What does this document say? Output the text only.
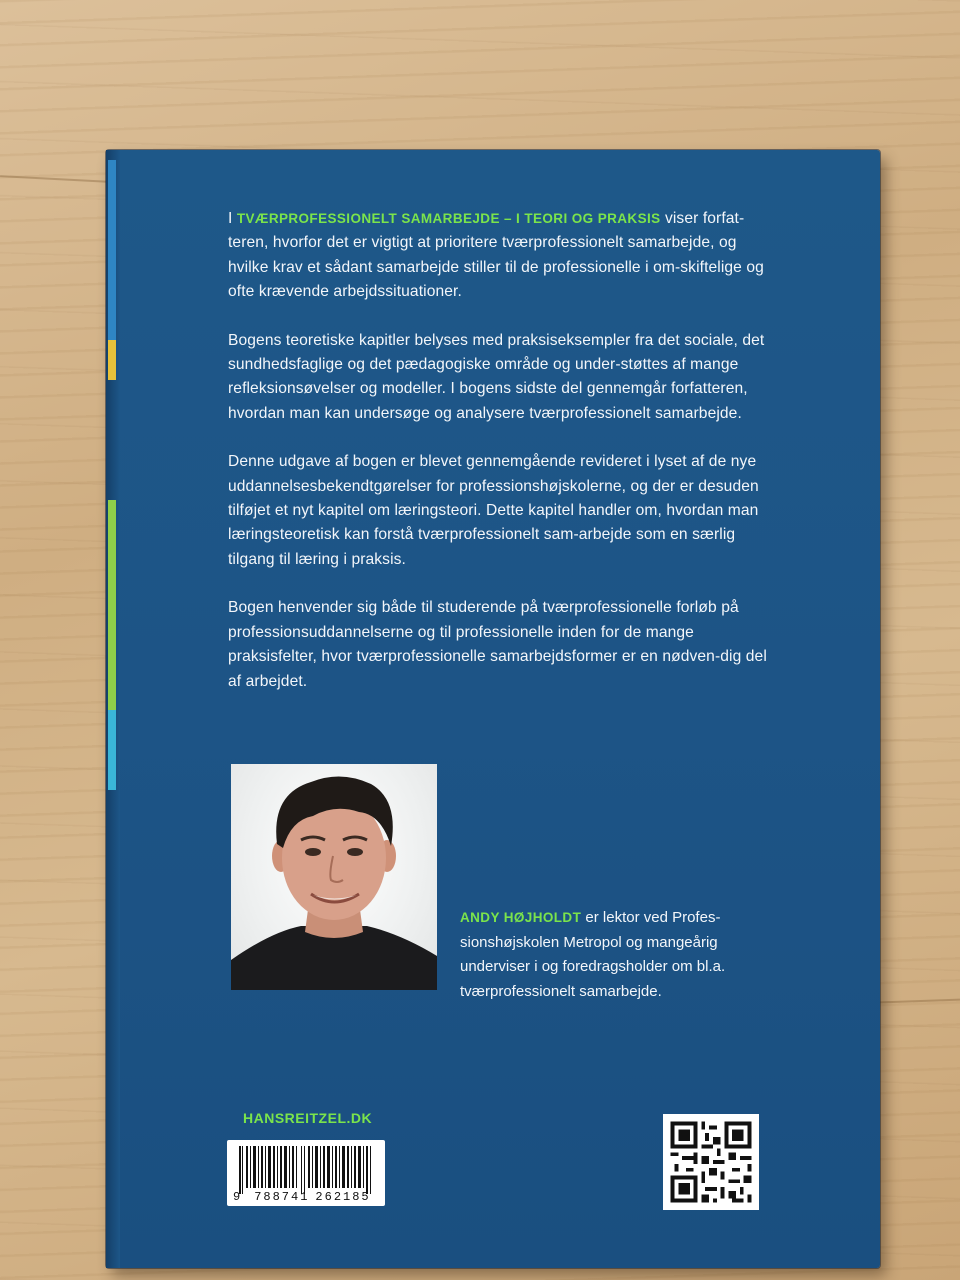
I TVÆRPROFESSIONELT SAMARBEJDE – I TEORI OG PRAKSIS viser forfat-teren, hvorfor det er vigtigt at prioritere tværprofessionelt samarbejde, og hvilke krav et sådant samarbejde stiller til de professionelle i om-skiftelige og ofte krævende arbejdssituationer.

Bogens teoretiske kapitler belyses med praksiseksempler fra det sociale, det sundhedsfaglige og det pædagogiske område og under-støttes af mange refleksionsøvelser og modeller. I bogens sidste del gennemgår forfatteren, hvordan man kan undersøge og analysere tværprofessionelt samarbejde.

Denne udgave af bogen er blevet gennemgående revideret i lyset af de nye uddannelsesbekendtgørelser for professionshøjskolerne, og der er desuden tilføjet et nyt kapitel om læringsteori. Dette kapitel handler om, hvordan man læringsteoretisk kan forstå tværprofessionelt sam-arbejde som en særlig tilgang til læring i praksis.

Bogen henvender sig både til studerende på tværprofessionelle forløb på professionsuddannelserne og til professionelle inden for de mange praksisfelter, hvor tværprofessionelle samarbejdsformer er en nødven-dig del af arbejdet.

ANDY HØJHOLDT er lektor ved Profes-sionshøjskolen Metropol og mangeårig underviser i og foredragsholder om bl.a. tværprofessionelt samarbejde.
HANSREITZEL.DK
9 788741 262185
